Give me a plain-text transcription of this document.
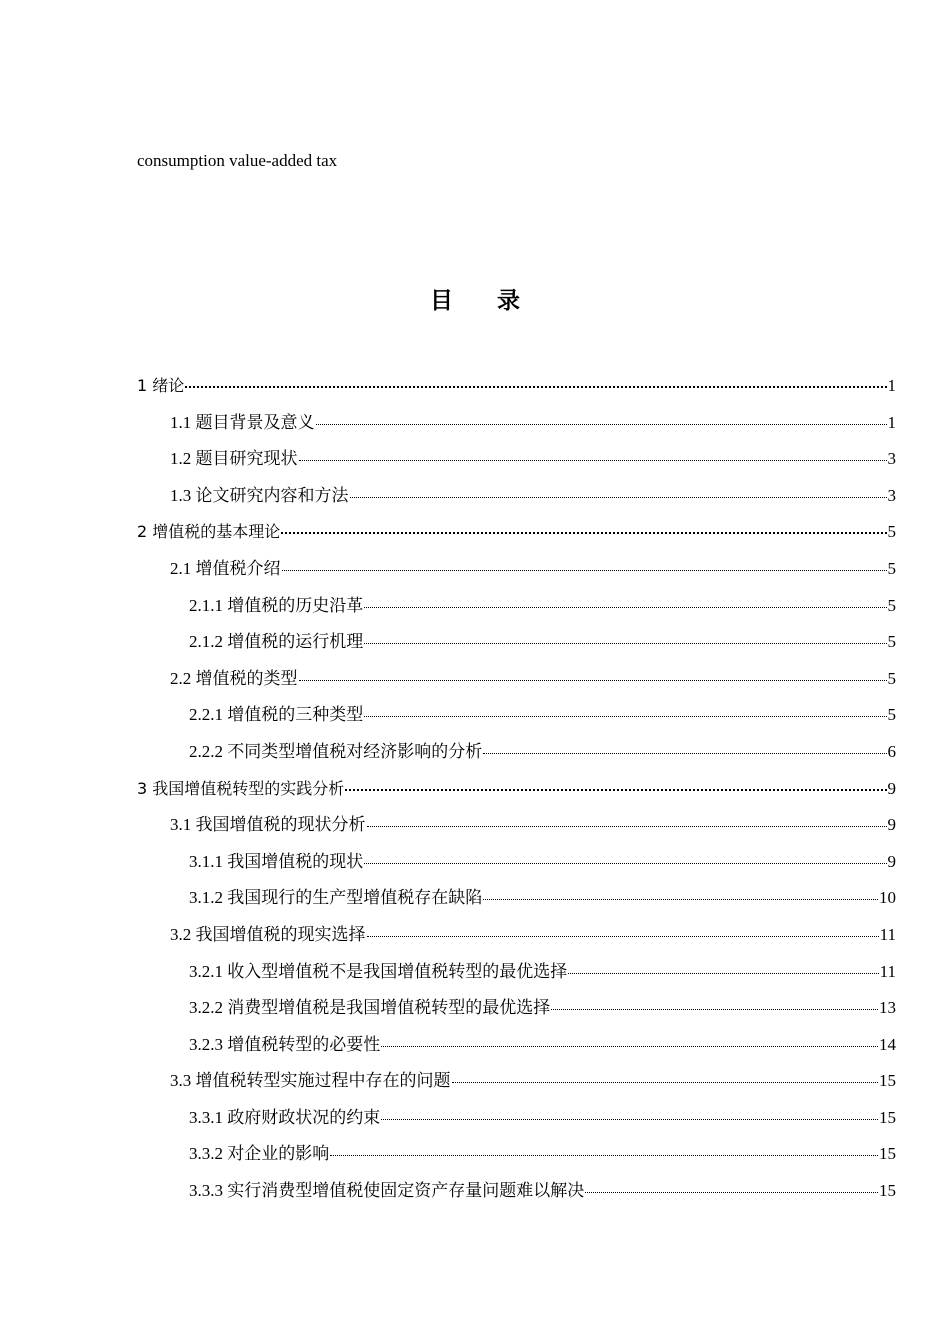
consumption value-added tax
目 录
1 绪论	1
1.1 题目背景及意义	1
1.2 题目研究现状	3
1.3 论文研究内容和方法	3
2 增值税的基本理论	5
2.1 增值税介绍	5
2.1.1 增值税的历史沿革	5
2.1.2 增值税的运行机理	5
2.2 增值税的类型	5
2.2.1 增值税的三种类型	5
2.2.2 不同类型增值税对经济影响的分析	6
3 我国增值税转型的实践分析	9
3.1 我国增值税的现状分析	9
3.1.1 我国增值税的现状	9
3.1.2 我国现行的生产型增值税存在缺陷	10
3.2 我国增值税的现实选择	11
3.2.1 收入型增值税不是我国增值税转型的最优选择	11
3.2.2 消费型增值税是我国增值税转型的最优选择	13
3.2.3 增值税转型的必要性	14
3.3 增值税转型实施过程中存在的问题	15
3.3.1 政府财政状况的约束	15
3.3.2 对企业的影响	15
3.3.3 实行消费型增值税使固定资产存量问题难以解决	15
